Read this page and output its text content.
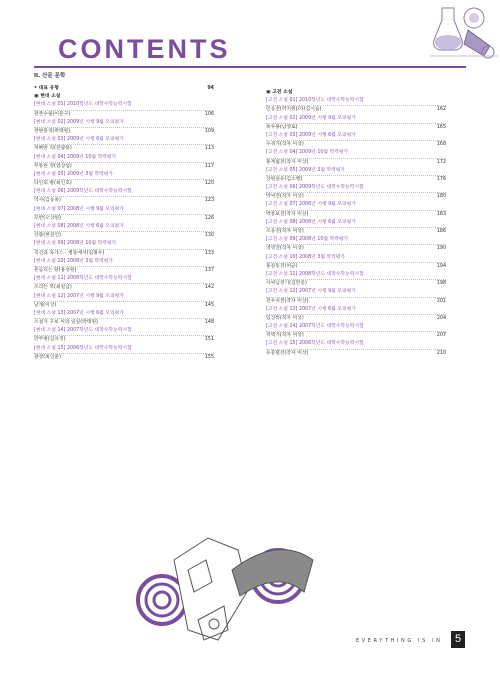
CONTENTS
II. 산문 문학
• 대표 유형	94
▣ 현대 소설
[현대 소설 01] 2010학년도 대학수학능력시험
관촌수필(이문구)	106
[현대 소설 02] 2009년 시행 9월 모의평가
천변풍경(박태원)	109
[현대 소설 03] 2009년 시행 6월 모의평가
꺼삐딴 리(전광용)	113
[현대 소설 04] 2009년 10월 학력평가
무통한 정(염상섭)	117
[현대 소설 05] 2009년 3월 학력평가
타인의 방(최인호)	120
[현대 소설 06] 2009학년도 대학수학능력시험
역사(김승옥)	123
[현대 소설 07] 2008년 시행 9월 모의평가
모반(오상원)	126
[현대 소설 08] 2008년 시행 6월 모의평가
산불(현길언)	130
[현대 소설 09] 2008년 10월 학력평가
직선과 독가스 - 병동에서(임철우)	133
[현대 소설 10] 2008년 3월 학력평가
흔들리는 땅(홍성원)	137
[현대 소설 11] 2008학년도 대학수학능력시험
조리는 복(최일남)	142
[현대 소설 12] 2007년 시행 9월 모의평가
날개(이상)	145
[현대 소설 13] 2007년 시행 6월 모의평가
소설가 구보 씨의 일일(박태원)	148
[현대 소설 14] 2007학년도 대학수학능력시험
만무방(김유정)	151
[현대 소설 15] 2006학년도 대학수학능력시험
광장(최인훈)	155
▣ 고전 소설
[고전 소설 01] 2010학년도 대학수학능력시험
민옹전(박지원)/가(김시습)	162
[고전 소설 02] 2009년 시행 9월 모의평가
옥루몽(남영로)	165
[고전 소설 03] 2009년 시행 6월 모의평가
수경가(작자 미상)	168
[고전 소설 04] 2009년 10월 학력평가
홍계월전(작자 미상)	172
[고전 소설 05] 2009년 3월 학력평가
상원설유(김소행)	176
[고전 소설 06] 2009학년도 대학수학능력시험
박씨전(작자 미상)	180
[고전 소설 07] 2008년 시행 9월 모의평가
박흥보전(작자 미상)	183
[고전 소설 08] 2008년 시행 6월 모의평가
조웅전(작자 미상)	186
[고전 소설 09] 2008년 10월 학력평가
영영전(작자 미상)	190
[고전 소설 10] 2008년 3월 학력평가
홍길동전(허균)	194
[고전 소설 11] 2008학년도 대학수학능력시험
사씨남정기(김만중)	198
[고전 소설 12] 2007년 시행 9월 모의평가
전우치전(작자 미상)	201
[고전 소설 13] 2007년 시행 6월 모의평가
임진록(작자 미상)	204
[고전 소설 14] 2007학년도 대학수학능력시험
적벽가(작자 미상)	207
[고전 소설 15] 2006학년도 대학수학능력시험
유충렬전(작자 미상)	210
EVERYTHING IS IN	5
